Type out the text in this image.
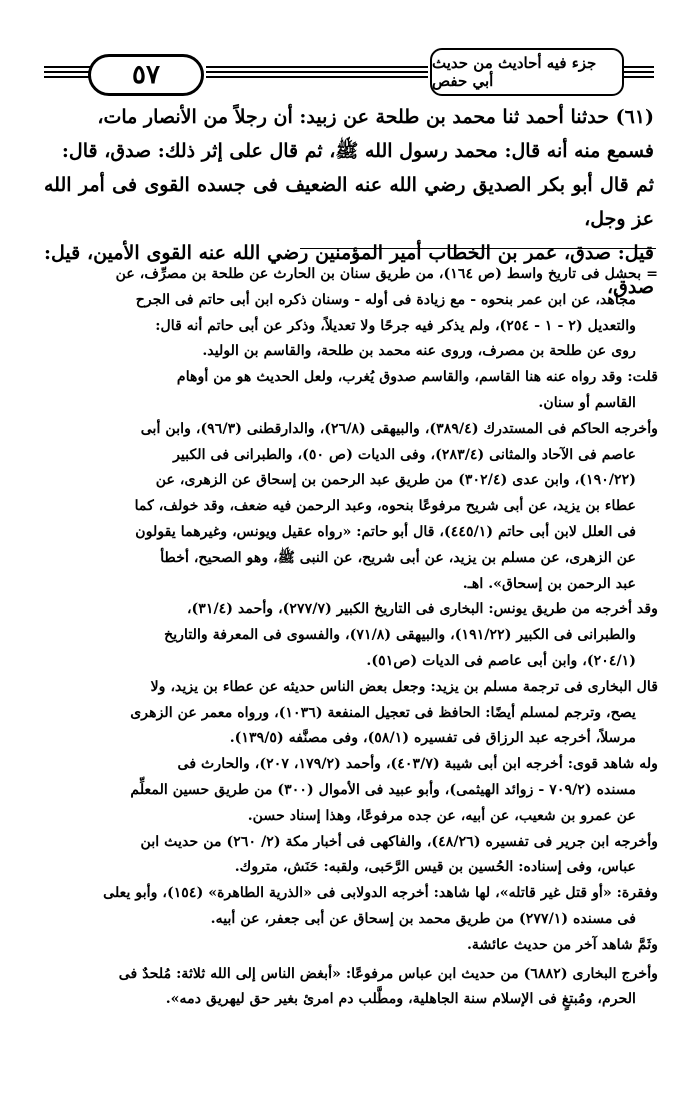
٥٧	جزء فيه أحاديث من حديث أبي حفص

(٦١) حدثنا أحمد ثنا محمد بن طلحة عن زبيد: أن رجلاً من الأنصار مات،

فسمع منه أنه قال: محمد رسول الله ﷺ، ثم قال على إثر ذلك: صدق، قال:

ثم قال أبو بكر الصديق رضي الله عنه الضعيف فى جسده القوى فى أمر الله عز وجل،

قيل: صدق، عمر بن الخطاب أمير المؤمنين رضي الله عنه القوى الأمين، قيل: صدق،

= بحشل فى تاريخ واسط (ص ١٦٤)، من طريق سنان بن الحارث عن طلحة بن مصرِّف، عن

مجاهد، عن ابن عمر بنحوه - مع زيادة فى أوله - وسنان ذكره ابن أبى حاتم فى الجرح

والتعديل (٢ - ١ - ٢٥٤)، ولم يذكر فيه جرحًا ولا تعديلاً، وذكر عن أبى حاتم أنه قال:

روى عن طلحة بن مصرف، وروى عنه محمد بن طلحة، والقاسم بن الوليد.

قلت: وقد رواه عنه هنا القاسم، والقاسم صدوق يُغرب، ولعل الحديث هو من أوهام

القاسم أو سنان.

وأخرجه الحاكم فى المستدرك (٣٨٩/٤)، والبيهقى (٢٦/٨)، والدارقطنى (٩٦/٣)، وابن أبى

عاصم فى الآحاد والمثانى (٢٨٣/٤)، وفى الديات (ص ٥٠)، والطبرانى فى الكبير

(١٩٠/٢٢)، وابن عدى (٣٠٢/٤) من طريق عبد الرحمن بن إسحاق عن الزهرى، عن

عطاء بن يزيد، عن أبى شريح مرفوعًا بنحوه، وعبد الرحمن فيه ضعف، وقد خولف، كما

فى العلل لابن أبى حاتم (٤٤٥/١)، قال أبو حاتم: «رواه عقيل ويونس، وغيرهما يقولون

عن الزهرى، عن مسلم بن يزيد، عن أبى شريح، عن النبى ﷺ، وهو الصحيح، أخطأ

عبد الرحمن بن إسحاق». اهـ.

وقد أخرجه من طريق يونس: البخارى فى التاريخ الكبير (٢٧٧/٧)، وأحمد (٣١/٤)،

والطبرانى فى الكبير (١٩١/٢٢)، والبيهقى (٧١/٨)، والفسوى فى المعرفة والتاريخ

(٢٠٤/١)، وابن أبى عاصم فى الديات (ص٥١).

قال البخارى فى ترجمة مسلم بن يزيد: وجعل بعض الناس حديثه عن عطاء بن يزيد، ولا

يصح، وترجم لمسلم أيضًا: الحافظ فى تعجيل المنفعة (١٠٣٦)، ورواه معمر عن الزهرى

مرسلاً، أخرجه عبد الرزاق فى تفسيره (٥٨/١)، وفى مصنَّفه (١٣٩/٥).

وله شاهد قوى: أخرجه ابن أبى شيبة (٤٠٣/٧)، وأحمد (١٧٩/٢، ٢٠٧)، والحارث فى

مسنده (٧٠٩/٢ - زوائد الهيثمى)، وأبو عبيد فى الأموال (٣٠٠) من طريق حسين المعلِّم

عن عمرو بن شعيب، عن أبيه، عن جده مرفوعًا، وهذا إسناد حسن.

وأخرجه ابن جرير فى تفسيره (٤٨/٢٦)، والفاكهى فى أخبار مكة (٢/ ٢٦٠) من حديث ابن

عباس، وفى إسناده: الحُسين بن قيس الرَّحَبى، ولقبه: حَنَش، متروك.

وفقرة: «أو قتل غير قاتله»، لها شاهد: أخرجه الدولابى فى «الذرية الطاهرة» (١٥٤)، وأبو يعلى

فى مسنده (٢٧٧/١) من طريق محمد بن إسحاق عن أبى جعفر، عن أبيه.

وثَمَّ شاهد آخر من حديث عائشة.

وأخرج البخارى (٦٨٨٢) من حديث ابن عباس مرفوعًا: «أبغض الناس إلى الله ثلاثة: مُلحدٌ فى

الحرم، ومُبتغٍ فى الإسلام سنة الجاهلية، ومطَّلب دم امرئ بغير حق ليهريق دمه».
